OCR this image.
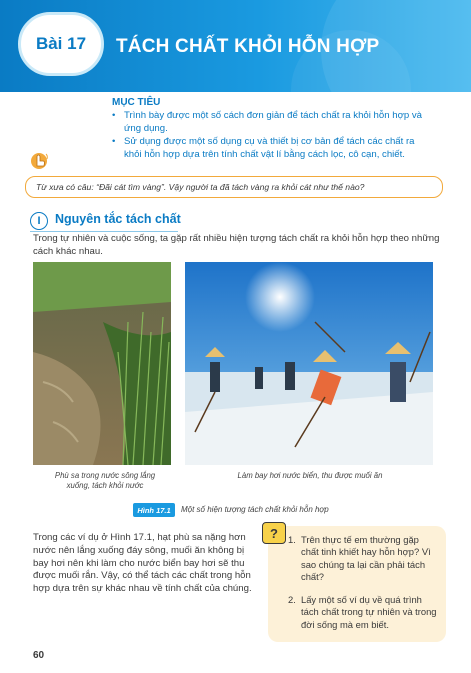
Bài 17	TÁCH CHẤT KHỎI HỖN HỢP
MỤC TIÊU
• Trình bày được một số cách đơn giản để tách chất ra khỏi hỗn hợp và ứng dụng.
• Sử dụng được một số dụng cụ và thiết bị cơ bản để tách các chất ra khỏi hỗn hợp dựa trên tính chất vật lí bằng cách lọc, cô cạn, chiết.
Từ xưa có câu: “Đãi cát tìm vàng”. Vậy người ta đã tách vàng ra khỏi cát như thế nào?
I	Nguyên tắc tách chất
Trong tự nhiên và cuộc sống, ta gặp rất nhiều hiện tượng tách chất ra khỏi hỗn hợp theo những cách khác nhau.
Phù sa trong nước sông lắng xuống, tách khỏi nước
Làm bay hơi nước biển, thu được muối ăn
Hình 17.1	Một số hiện tượng tách chất khỏi hỗn hợp
Trong các ví dụ ở Hình 17.1, hạt phù sa nặng hơn nước nên lắng xuống đáy sông, muối ăn không bị bay hơi nên khi làm cho nước biển bay hơi sẽ thu được muối rắn. Vậy, có thể tách các chất trong hỗn hợp dựa trên sự khác nhau về tính chất của chúng.
?	1. Trên thực tế em thường gặp chất tinh khiết hay hỗn hợp? Vì sao chúng ta lại cần phải tách chất?
2. Lấy một số ví dụ về quá trình tách chất trong tự nhiên và trong đời sống mà em biết.
60
